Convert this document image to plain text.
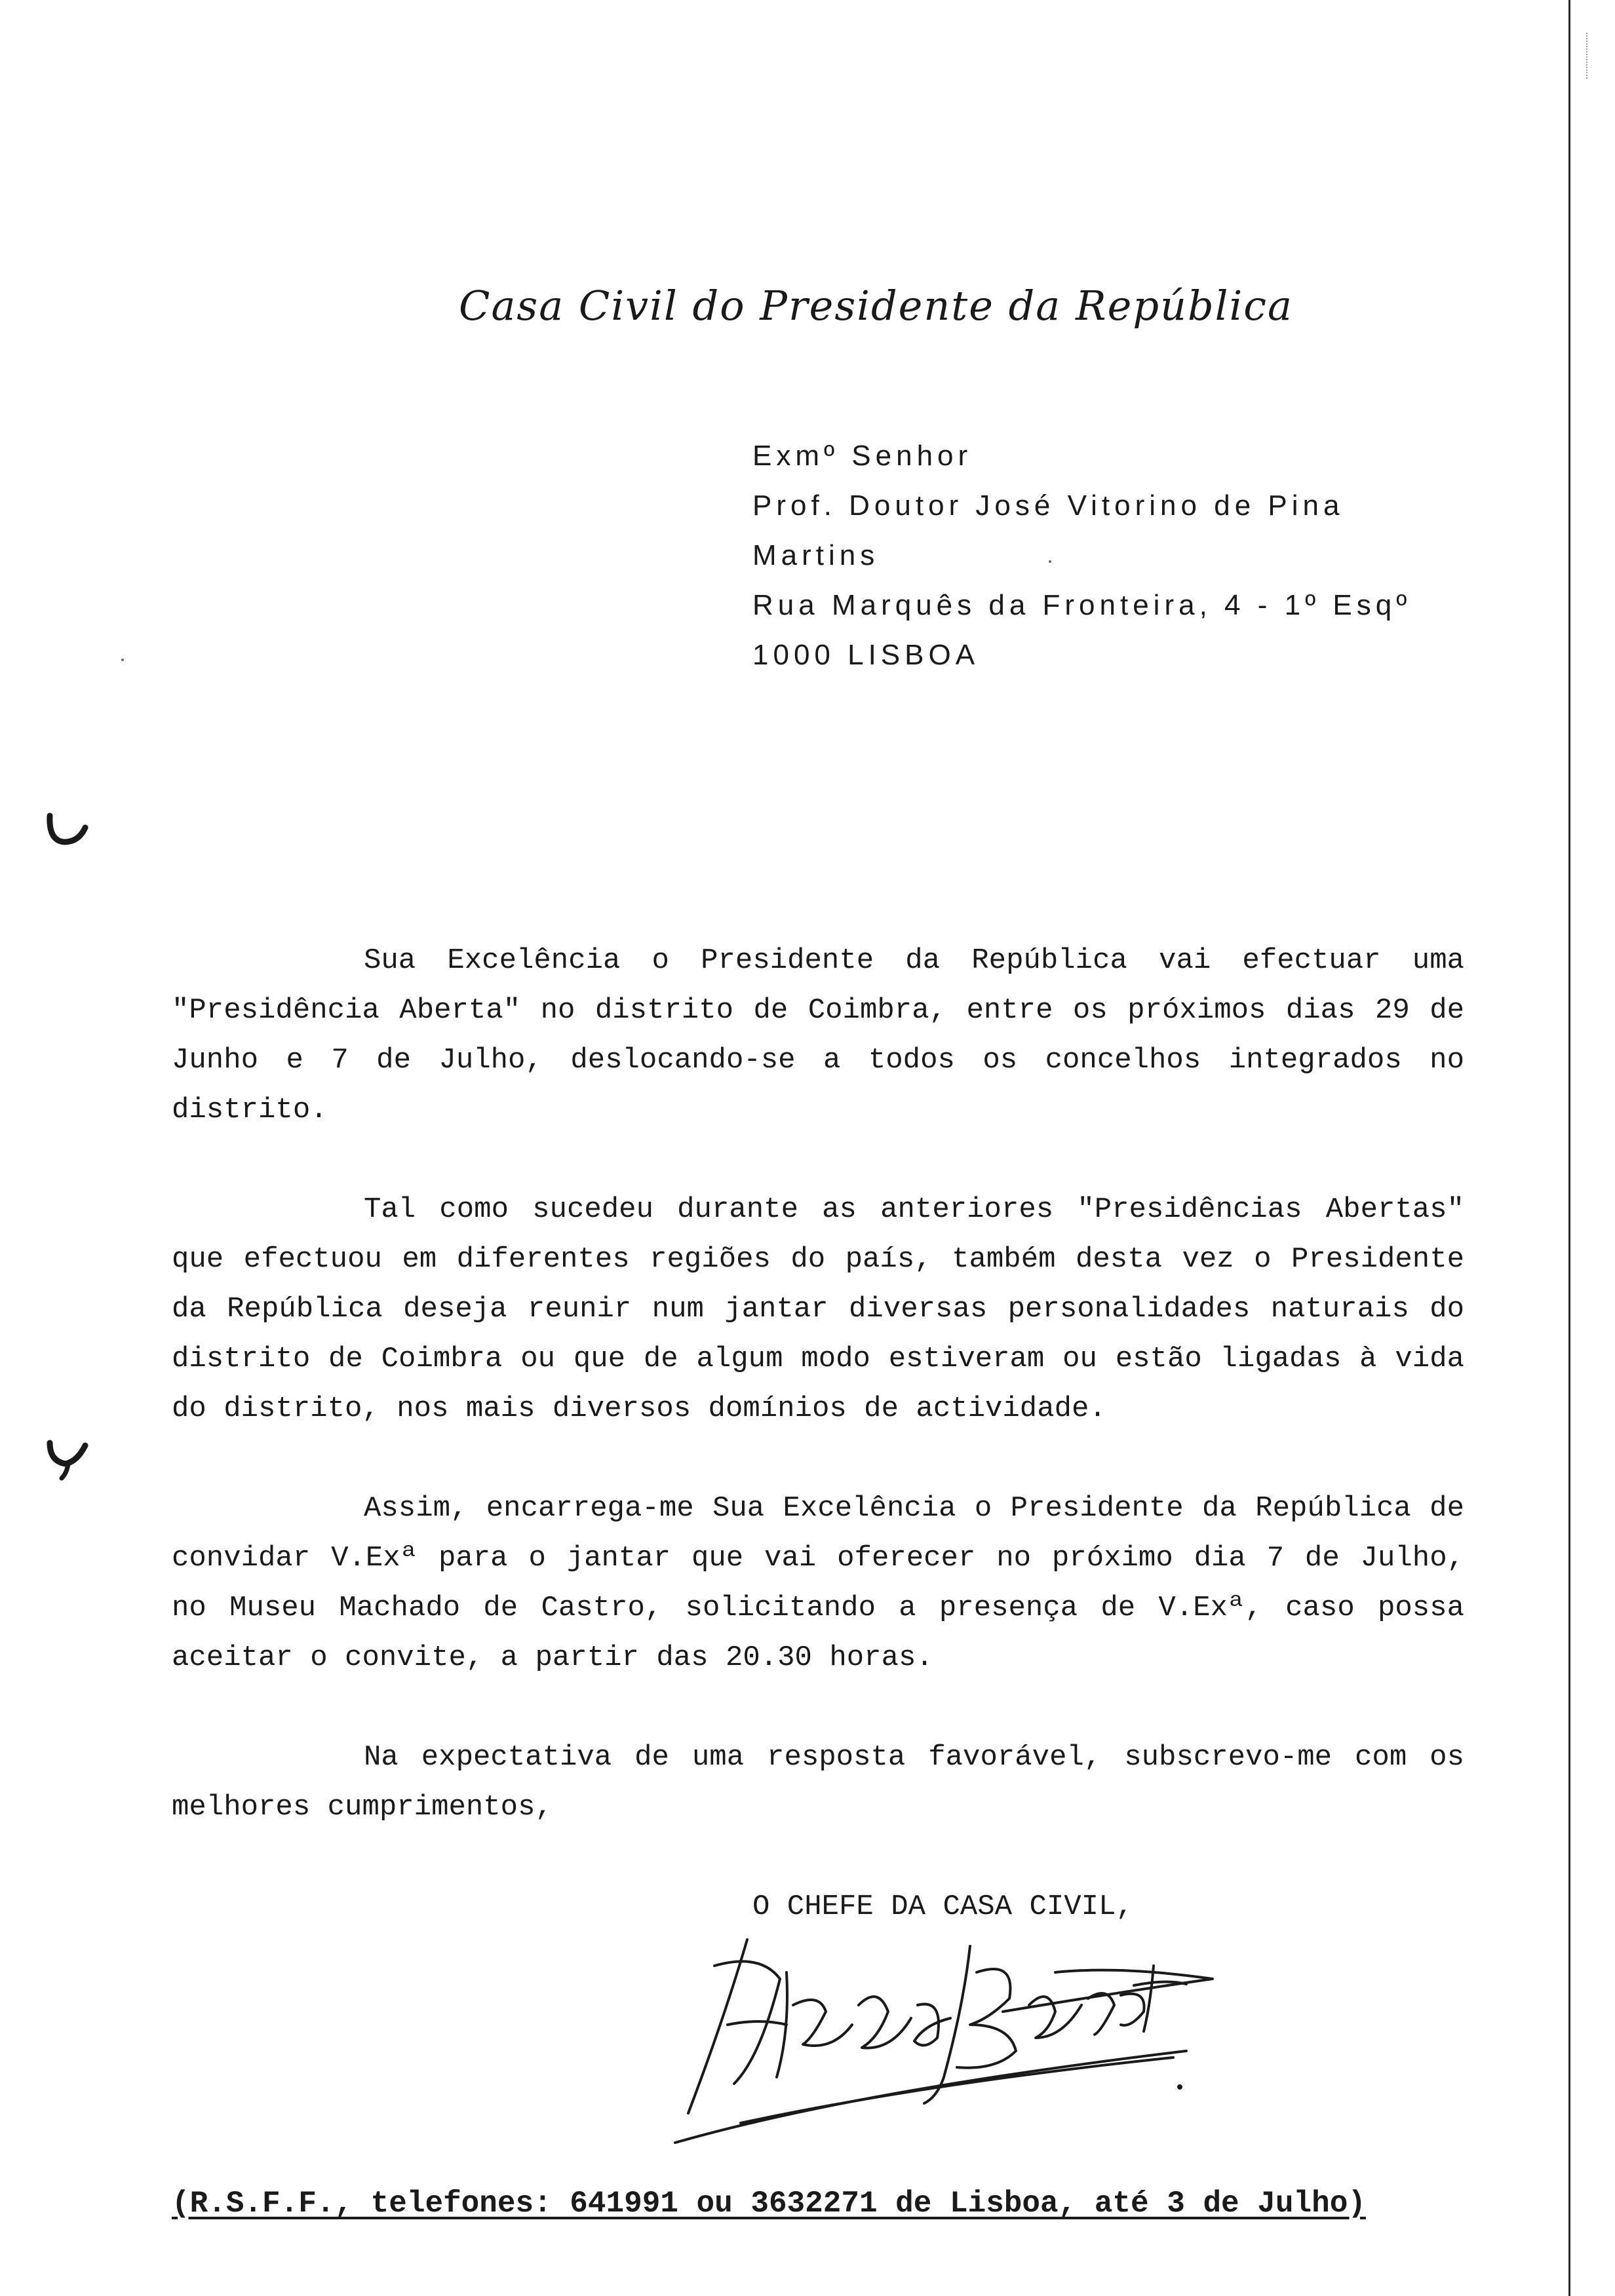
Casa Civil do Presidente da República
Exmº Senhor
Prof. Doutor José Vitorino de Pina
Martins
Rua Marquês da Fronteira, 4 - 1º Esqº
1000 LISBOA

Sua Excelência o Presidente da República vai efectuar uma "Presidência Aberta" no distrito de Coimbra, entre os próximos dias 29 de Junho e 7 de Julho, deslocando-se a todos os concelhos integrados no distrito.

Tal como sucedeu durante as anteriores "Presidências Abertas" que efectuou em diferentes regiões do país, também desta vez o Presidente da República deseja reunir num jantar diversas personalidades naturais do distrito de Coimbra ou que de algum modo estiveram ou estão ligadas à vida do distrito, nos mais diversos domínios de actividade.

Assim, encarrega-me Sua Excelência o Presidente da República de convidar V.Exª para o jantar que vai oferecer no próximo dia 7 de Julho, no Museu Machado de Castro, solicitando a presença de V.Exª, caso possa aceitar o convite, a partir das 20.30 horas.

Na expectativa de uma resposta favorável, subscrevo-me com os melhores cumprimentos,

O CHEFE DA CASA CIVIL,
(R.S.F.F., telefones: 641991 ou 3632271 de Lisboa, até 3 de Julho)
